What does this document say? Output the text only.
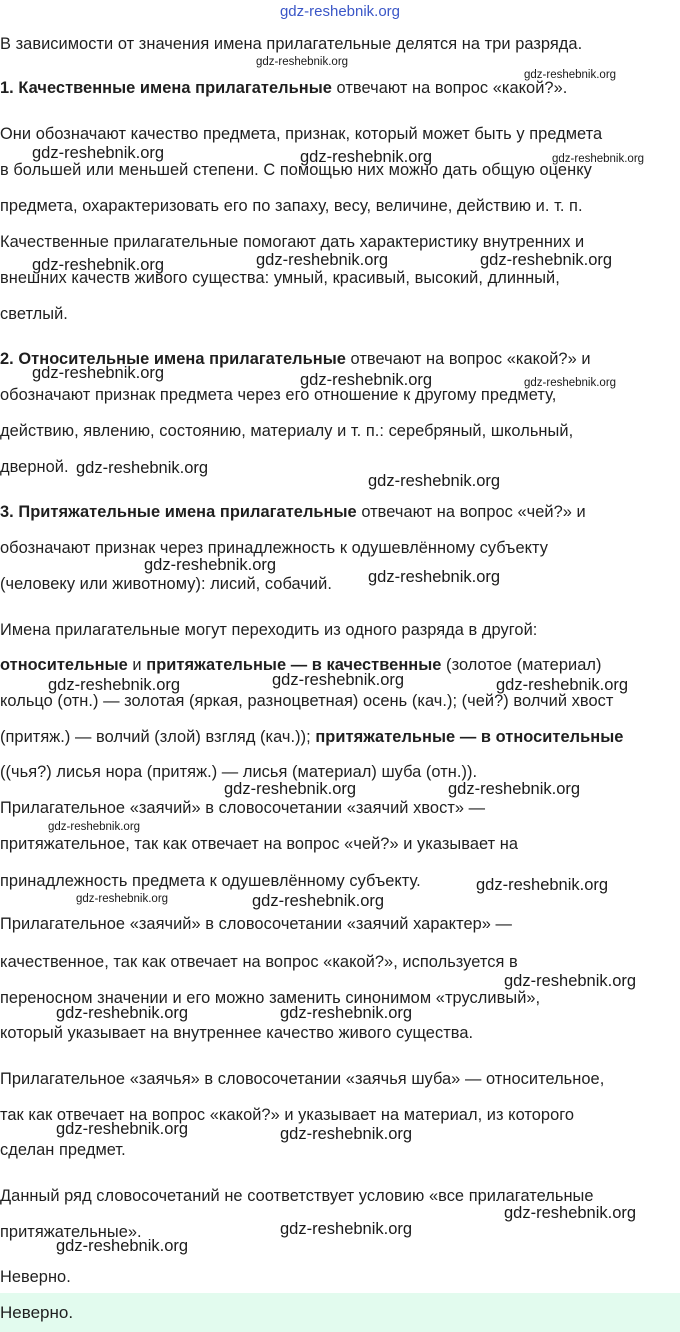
gdz-reshebnik.org
В зависимости от значения имена прилагательные делятся на три разряда.
1. Качественные имена прилагательные отвечают на вопрос «какой?».
Они обозначают качество предмета, признак, который может быть у предмета
в большей или меньшей степени. С помощью них можно дать общую оценку
предмета, охарактеризовать его по запаху, весу, величине, действию и. т. п.
Качественные прилагательные помогают дать характеристику внутренних и
внешних качеств живого существа: умный, красивый, высокий, длинный,
светлый.
2. Относительные имена прилагательные отвечают на вопрос «какой?» и
обозначают признак предмета через его отношение к другому предмету,
действию, явлению, состоянию, материалу и т. п.: серебряный, школьный,
дверной.
3. Притяжательные имена прилагательные отвечают на вопрос «чей?» и
обозначают признак через принадлежность к одушевлённому субъекту
(человеку или животному): лисий, собачий.
Имена прилагательные могут переходить из одного разряда в другой:
относительные и притяжательные — в качественные (золотое (материал)
кольцо (отн.) — золотая (яркая, разноцветная) осень (кач.); (чей?) волчий хвост
(притяж.) — волчий (злой) взгляд (кач.)); притяжательные — в относительные
((чья?) лисья нора (притяж.) — лисья (материал) шуба (отн.)).
Прилагательное «заячий» в словосочетании «заячий хвост» —
притяжательное, так как отвечает на вопрос «чей?» и указывает на
принадлежность предмета к одушевлённому субъекту.
Прилагательное «заячий» в словосочетании «заячий характер» —
качественное, так как отвечает на вопрос «какой?», используется в
переносном значении и его можно заменить синонимом «трусливый»,
который указывает на внутреннее качество живого существа.
Прилагательное «заячья» в словосочетании «заячья шуба» — относительное,
так как отвечает на вопрос «какой?» и указывает на материал, из которого
сделан предмет.
Данный ряд словосочетаний не соответствует условию «все прилагательные
притяжательные».
Неверно.
Неверно.
gdz-reshebnik.org
gdz-reshebnik.org
gdz-reshebnik.org	gdz-reshebnik.org	gdz-reshebnik.org
gdz-reshebnik.org	gdz-reshebnik.org	gdz-reshebnik.org
gdz-reshebnik.org	gdz-reshebnik.org	gdz-reshebnik.org
gdz-reshebnik.org
gdz-reshebnik.org
gdz-reshebnik.org
gdz-reshebnik.org
gdz-reshebnik.org	gdz-reshebnik.org	gdz-reshebnik.org
gdz-reshebnik.org	gdz-reshebnik.org
gdz-reshebnik.org
gdz-reshebnik.org
gdz-reshebnik.org	gdz-reshebnik.org
gdz-reshebnik.org
gdz-reshebnik.org	gdz-reshebnik.org
gdz-reshebnik.org	gdz-reshebnik.org
gdz-reshebnik.org
gdz-reshebnik.org
gdz-reshebnik.org
